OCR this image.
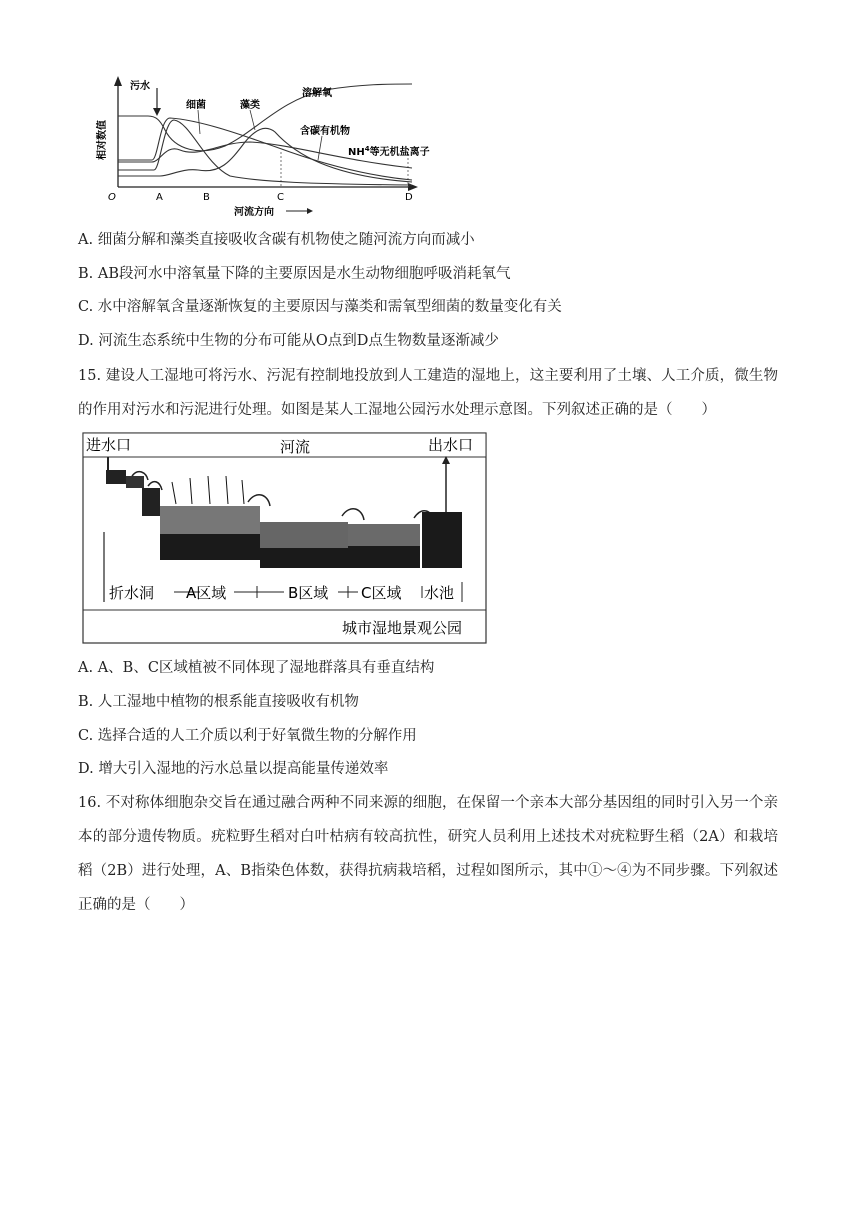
相对数值
O	A	B	C	D
污水
细菌	藻类
溶解氧
含碳有机物
$NH^4$等无机盐离子
河流方向
A. 细菌分解和藻类直接吸收含碳有机物使之随河流方向而减小
B. AB段河水中溶氧量下降的主要原因是水生动物细胞呼吸消耗氧气
C. 水中溶解氧含量逐渐恢复的主要原因与藻类和需氧型细菌的数量变化有关
D. 河流生态系统中生物的分布可能从O点到D点生物数量逐渐减少

15. 建设人工湿地可将污水、污泥有控制地投放到人工建造的湿地上，这主要利用了土壤、人工介质，微生物的作用对污水和污泥进行处理。如图是某人工湿地公园污水处理示意图。下列叙述正确的是（　　）

进水口	河流	出水口
折水洞 A区域	B区域 C区域 水池
城市湿地景观公园
A. A、B、C区域植被不同体现了湿地群落具有垂直结构
B. 人工湿地中植物的根系能直接吸收有机物
C. 选择合适的人工介质以利于好氧微生物的分解作用
D. 增大引入湿地的污水总量以提高能量传递效率

16. 不对称体细胞杂交旨在通过融合两种不同来源的细胞，在保留一个亲本大部分基因组的同时引入另一个亲本的部分遗传物质。疣粒野生稻对白叶枯病有较高抗性，研究人员利用上述技术对疣粒野生稻（2A）和栽培稻（2B）进行处理，A、B指染色体数，获得抗病栽培稻，过程如图所示，其中①～④为不同步骤。下列叙述正确的是（　　）
